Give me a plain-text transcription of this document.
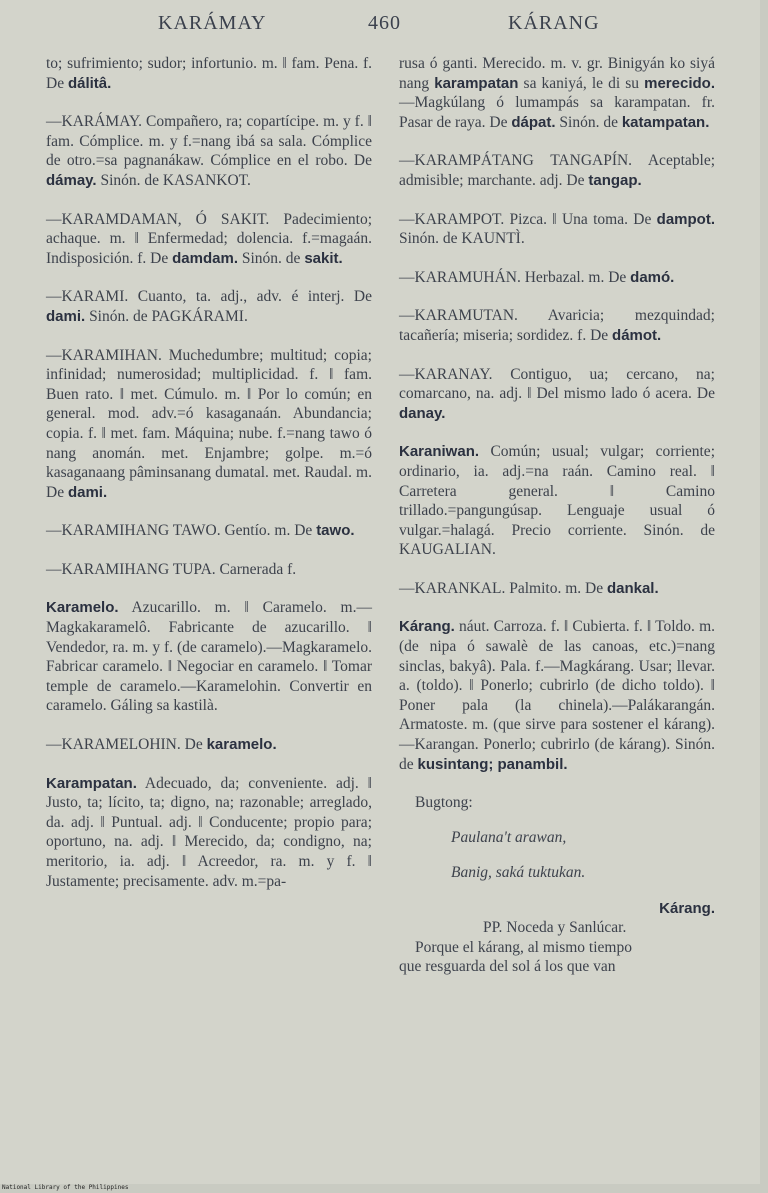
KARÁMAY	460	KÁRANG
to; sufrimiento; sudor; infortunio. m. ‖ fam. Pena. f. De dálitâ.
—KARÁMAY. Compañero, ra; copartícipe. m. y f. ‖ fam. Cómplice. m. y f.=nang ibá sa sala. Cómplice de otro.=sa pagnanákaw. Cómplice en el robo. De dámay. Sinón. de KASANKOT.
—KARAMDAMAN, Ó SAKIT. Padecimiento; achaque. m. ‖ Enfermedad; dolencia. f.=magaán. Indisposición. f. De damdam. Sinón. de sakit.
—KARAMI. Cuanto, ta. adj., adv. é interj. De dami. Sinón. de PAGKÁRAMI.
—KARAMIHAN. Muchedumbre; multitud; copia; infinidad; numerosidad; multiplicidad. f. ‖ fam. Buen rato. ‖ met. Cúmulo. m. ‖ Por lo común; en general. mod. adv.=ó kasaganaán. Abundancia; copia. f. ‖ met. fam. Máquina; nube. f.=nang tawo ó nang anomán. met. Enjambre; golpe. m.=ó kasaganaang pâminsanang dumatal. met. Raudal. m. De dami.
—KARAMIHANG TAWO. Gentío. m. De tawo.
—KARAMIHANG TUPA. Carnerada f.
Karamelo. Azucarillo. m. ‖ Caramelo. m.—Magkakaramelô. Fabricante de azucarillo. ‖ Vendedor, ra. m. y f. (de caramelo).—Magkaramelo. Fabricar caramelo. ‖ Negociar en caramelo. ‖ Tomar temple de caramelo.—Karamelohin. Convertir en caramelo. Gáling sa kastilà.
—KARAMELOHIN. De karamelo.
Karampatan. Adecuado, da; conveniente. adj. ‖ Justo, ta; lícito, ta; digno, na; razonable; arreglado, da. adj. ‖ Puntual. adj. ‖ Conducente; propio para; oportuno, na. adj. ‖ Merecido, da; condigno, na; meritorio, ia. adj. ‖ Acreedor, ra. m. y f. ‖ Justamente; precisamente. adv. m.=pa-
rusa ó ganti. Merecido. m. v. gr. Binigyán ko siyá nang karampatan sa kaniyá, le di su merecido. —Magkúlang ó lumampás sa karampatan. fr. Pasar de raya. De dápat. Sinón. de katampatan.
—KARAMPÁTANG TANGAPÍN. Aceptable; admisible; marchante. adj. De tangap.
—KARAMPOT. Pizca. ‖ Una toma. De dampot. Sinón. de KAUNTÌ.
—KARAMUHÁN. Herbazal. m. De damó.
—KARAMUTAN. Avaricia; mezquindad; tacañería; miseria; sordidez. f. De dámot.
—KARANAY. Contiguo, ua; cercano, na; comarcano, na. adj. ‖ Del mismo lado ó acera. De danay.
Karaniwan. Común; usual; vulgar; corriente; ordinario, ia. adj.=na raán. Camino real. ‖ Carretera general. ‖ Camino trillado.=pangungúsap. Lenguaje usual ó vulgar.=halagá. Precio corriente. Sinón. de KAUGALIAN.
—KARANKAL. Palmito. m. De dankal.
Kárang. náut. Carroza. f. ‖ Cubierta. f. ‖ Toldo. m. (de nipa ó sawalè de las canoas, etc.)=nang sinclas, bakyâ). Pala. f.—Magkárang. Usar; llevar. a. (toldo). ‖ Ponerlo; cubrirlo (de dicho toldo). ‖ Poner pala (la chinela).—Palákarangán. Armatoste. m. (que sirve para sostener el kárang).—Karangan. Ponerlo; cubrirlo (de kárang). Sinón. de kusintang; panambil.

Bugtong:

Paulana't arawan,

Banig, saká tuktukan.

Kárang.

PP. Noceda y Sanlúcar.

Porque el kárang, al mismo tiempo

que resguarda del sol á los que van

National Library of the Philippines
